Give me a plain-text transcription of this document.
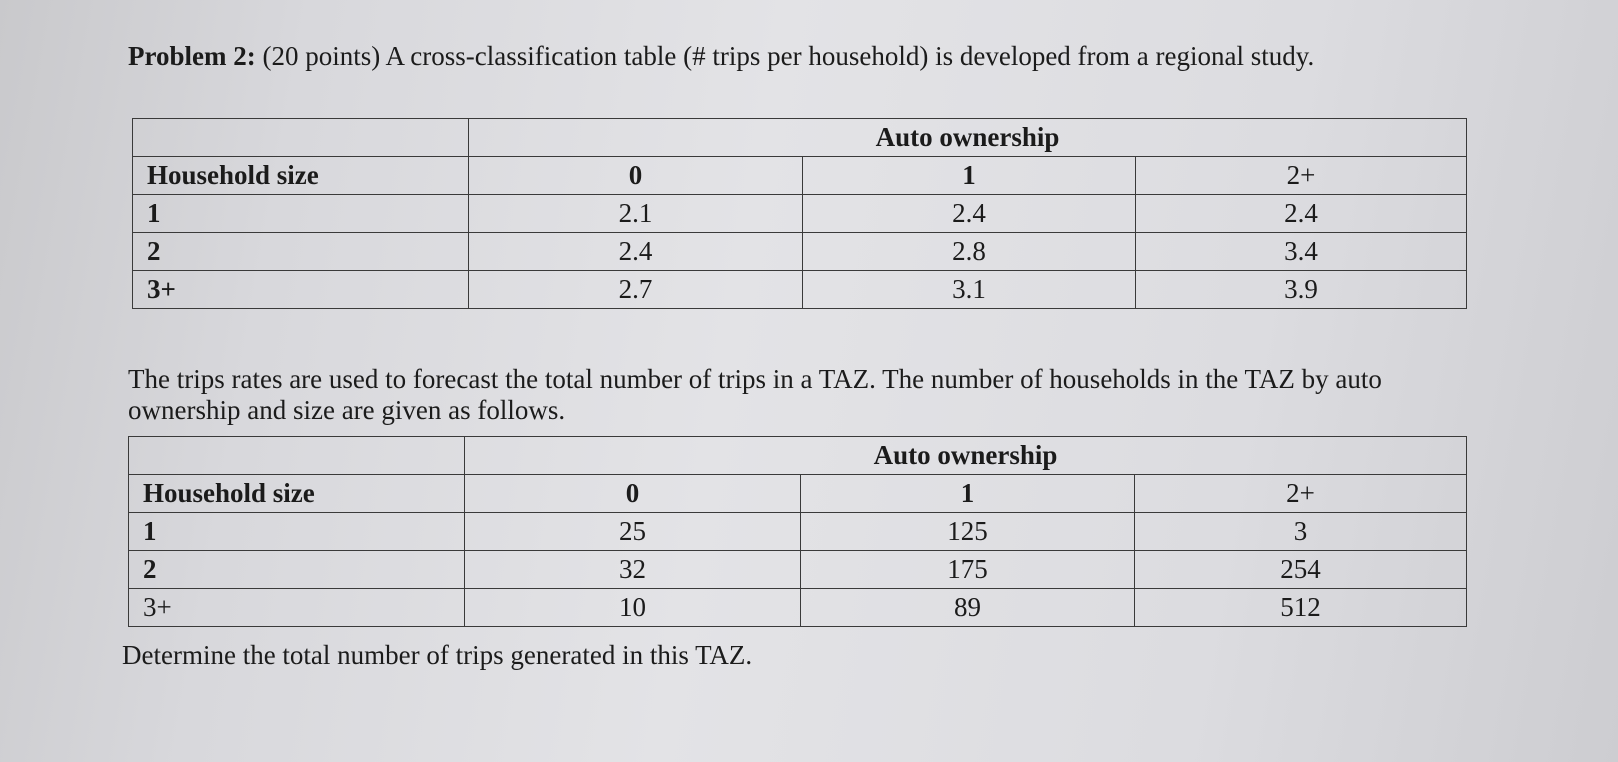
Problem 2: (20 points) A cross-classification table (# trips per household) is developed from a regional study.

	Auto ownership		
Household size	0	1	2+
1	2.1	2.4	2.4
2	2.4	2.8	3.4
3+	2.7	3.1	3.9

The trips rates are used to forecast the total number of trips in a TAZ. The number of households in the TAZ by auto ownership and size are given as follows.

	Auto ownership		
Household size	0	1	2+
1	25	125	3
2	32	175	254
3+	10	89	512

Determine the total number of trips generated in this TAZ.
